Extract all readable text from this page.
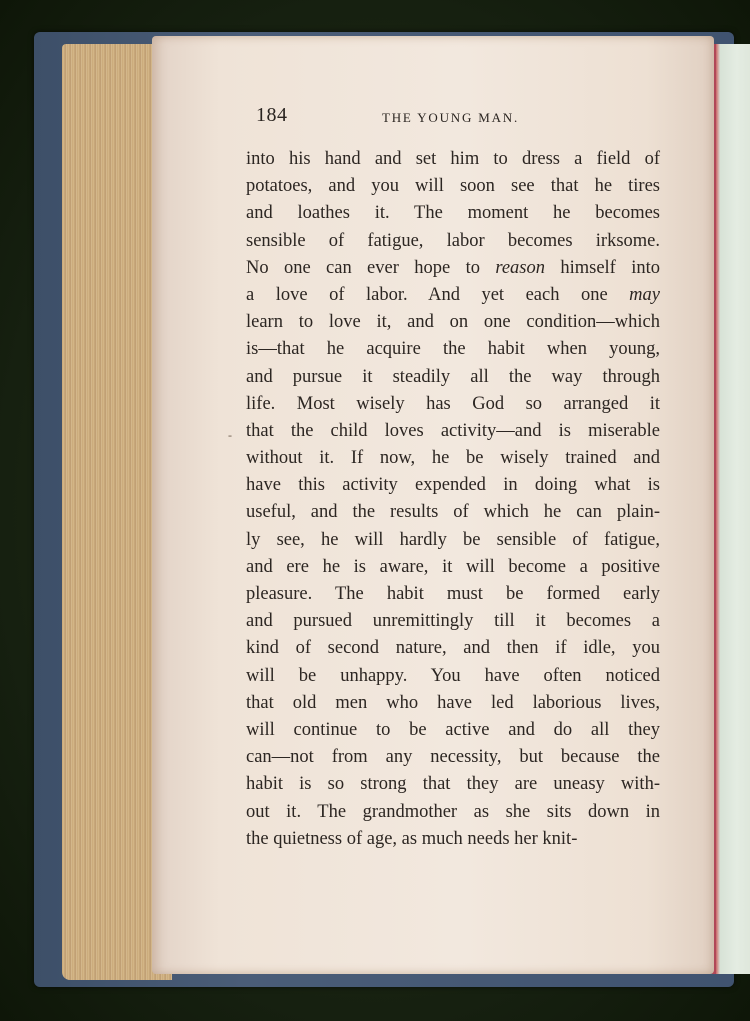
184	THE YOUNG MAN.
-
into his hand and set him to dress a field of
potatoes, and you will soon see that he tires
and loathes it. The moment he becomes
sensible of fatigue, labor becomes irksome.
No one can ever hope to reason himself into
a love of labor. And yet each one may
learn to love it, and on one condition—which
is—that he acquire the habit when young,
and pursue it steadily all the way through
life. Most wisely has God so arranged it
that the child loves activity—and is miserable
without it. If now, he be wisely trained and
have this activity expended in doing what is
useful, and the results of which he can plain-
ly see, he will hardly be sensible of fatigue,
and ere he is aware, it will become a positive
pleasure. The habit must be formed early
and pursued unremittingly till it becomes a
kind of second nature, and then if idle, you
will be unhappy. You have often noticed
that old men who have led laborious lives,
will continue to be active and do all they
can—not from any necessity, but because the
habit is so strong that they are uneasy with-
out it. The grandmother as she sits down in
the quietness of age, as much needs her knit-
